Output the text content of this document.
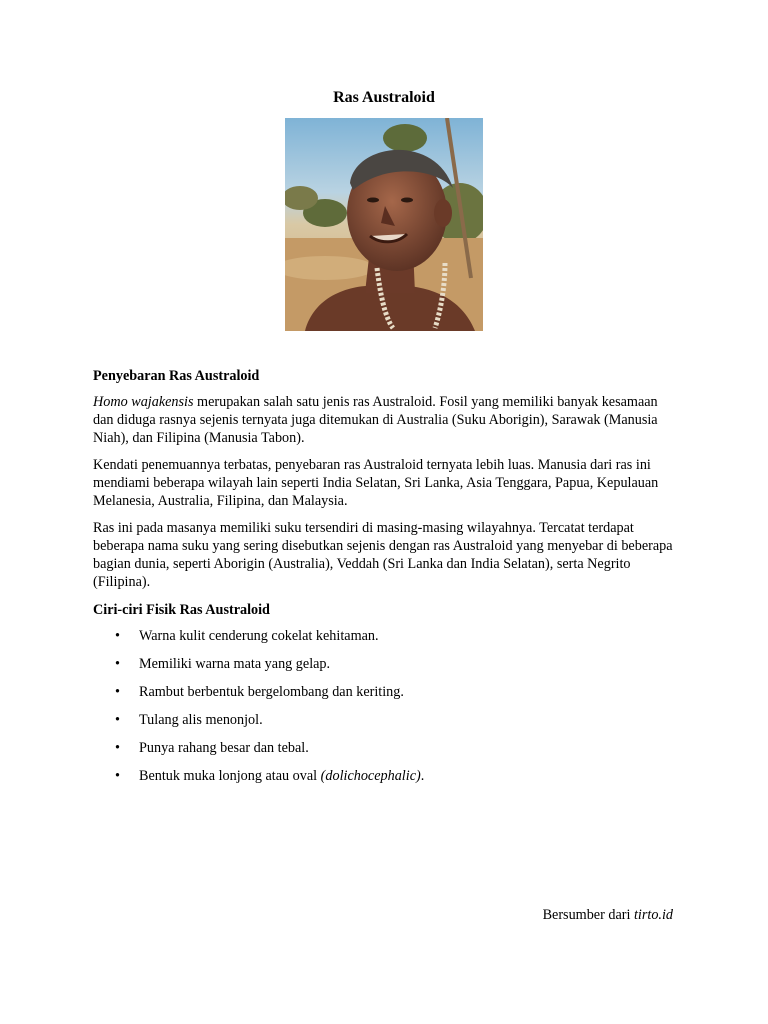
Ras Australoid
Penyebaran Ras Australoid

Homo wajakensis merupakan salah satu jenis ras Australoid. Fosil yang memiliki banyak kesamaan dan diduga rasnya sejenis ternyata juga ditemukan di Australia (Suku Aborigin), Sarawak (Manusia Niah), dan Filipina (Manusia Tabon).

Kendati penemuannya terbatas, penyebaran ras Australoid ternyata lebih luas. Manusia dari ras ini mendiami beberapa wilayah lain seperti India Selatan, Sri Lanka, Asia Tenggara, Papua, Kepulauan Melanesia, Australia, Filipina, dan Malaysia.

Ras ini pada masanya memiliki suku tersendiri di masing-masing wilayahnya. Tercatat terdapat beberapa nama suku yang sering disebutkan sejenis dengan ras Australoid yang menyebar di beberapa bagian dunia, seperti Aborigin (Australia), Veddah (Sri Lanka dan India Selatan), serta Negrito (Filipina).

Ciri-ciri Fisik Ras Australoid
• Warna kulit cenderung cokelat kehitaman.
• Memiliki warna mata yang gelap.
• Rambut berbentuk bergelombang dan keriting.
• Tulang alis menonjol.
• Punya rahang besar dan tebal.
• Bentuk muka lonjong atau oval (dolichocephalic).
Bersumber dari tirto.id
